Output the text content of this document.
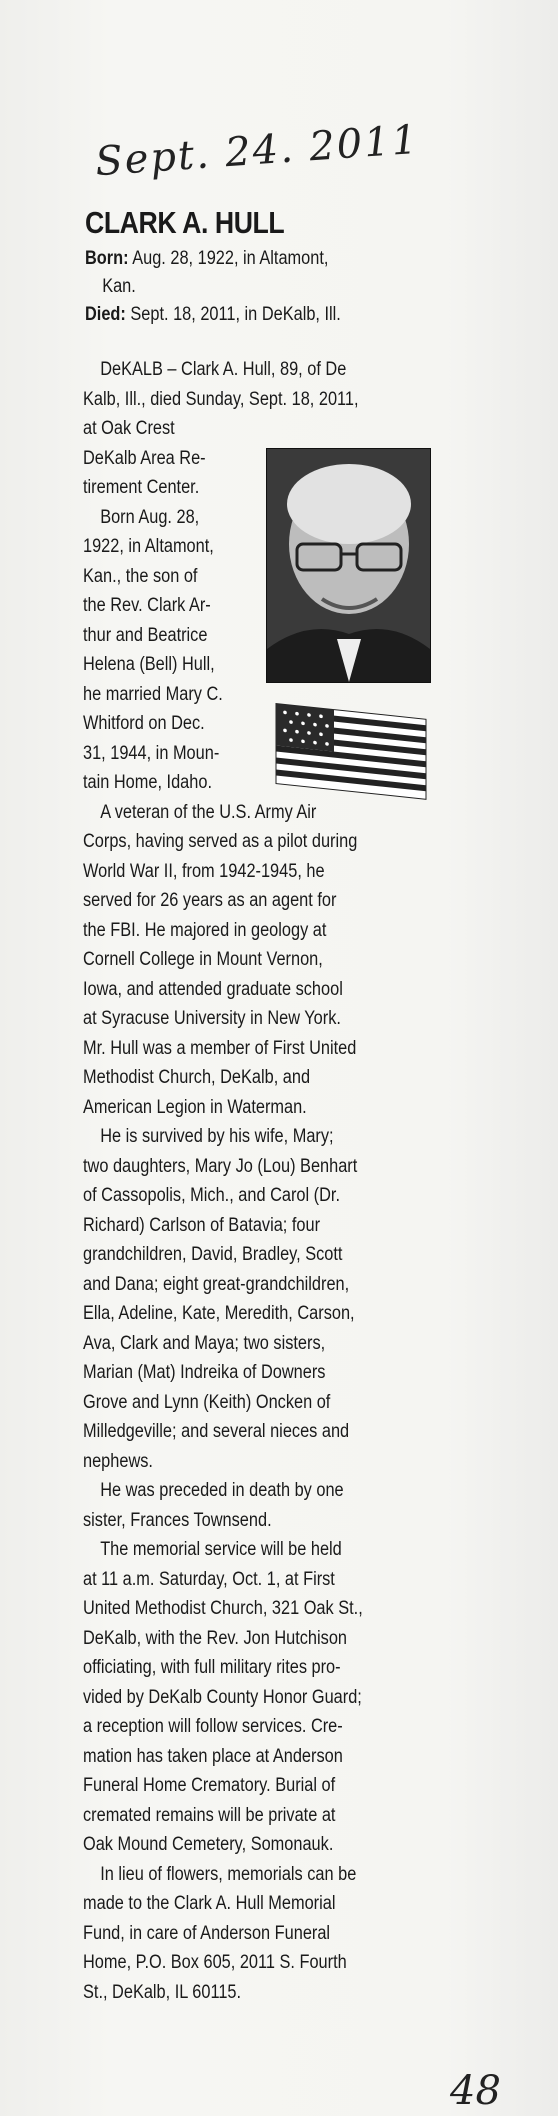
Sept. 24. 2011
CLARK A. HULL
Born: Aug. 28, 1922, in Altamont,
Kan.
Died: Sept. 18, 2011, in DeKalb, Ill.
DeKALB – Clark A. Hull, 89, of De
Kalb, Ill., died Sunday, Sept. 18, 2011,
at Oak Crest
DeKalb Area Re-
tirement Center.
Born Aug. 28,
1922, in Altamont,
Kan., the son of
the Rev. Clark Ar-
thur and Beatrice
Helena (Bell) Hull,
he married Mary C.
Whitford on Dec.
31, 1944, in Moun-
tain Home, Idaho.
A veteran of the U.S. Army Air
Corps, having served as a pilot during
World War II, from 1942-1945, he
served for 26 years as an agent for
the FBI. He majored in geology at
Cornell College in Mount Vernon,
Iowa, and attended graduate school
at Syracuse University in New York.
Mr. Hull was a member of First United
Methodist Church, DeKalb, and
American Legion in Waterman.
He is survived by his wife, Mary;
two daughters, Mary Jo (Lou) Benhart
of Cassopolis, Mich., and Carol (Dr.
Richard) Carlson of Batavia; four
grandchildren, David, Bradley, Scott
and Dana; eight great-grandchildren,
Ella, Adeline, Kate, Meredith, Carson,
Ava, Clark and Maya; two sisters,
Marian (Mat) Indreika of Downers
Grove and Lynn (Keith) Oncken of
Milledgeville; and several nieces and
nephews.
He was preceded in death by one
sister, Frances Townsend.
The memorial service will be held
at 11 a.m. Saturday, Oct. 1, at First
United Methodist Church, 321 Oak St.,
DeKalb, with the Rev. Jon Hutchison
officiating, with full military rites pro-
vided by DeKalb County Honor Guard;
a reception will follow services. Cre-
mation has taken place at Anderson
Funeral Home Crematory. Burial of
cremated remains will be private at
Oak Mound Cemetery, Somonauk.
In lieu of flowers, memorials can be
made to the Clark A. Hull Memorial
Fund, in care of Anderson Funeral
Home, P.O. Box 605, 2011 S. Fourth
St., DeKalb, IL 60115.
48
